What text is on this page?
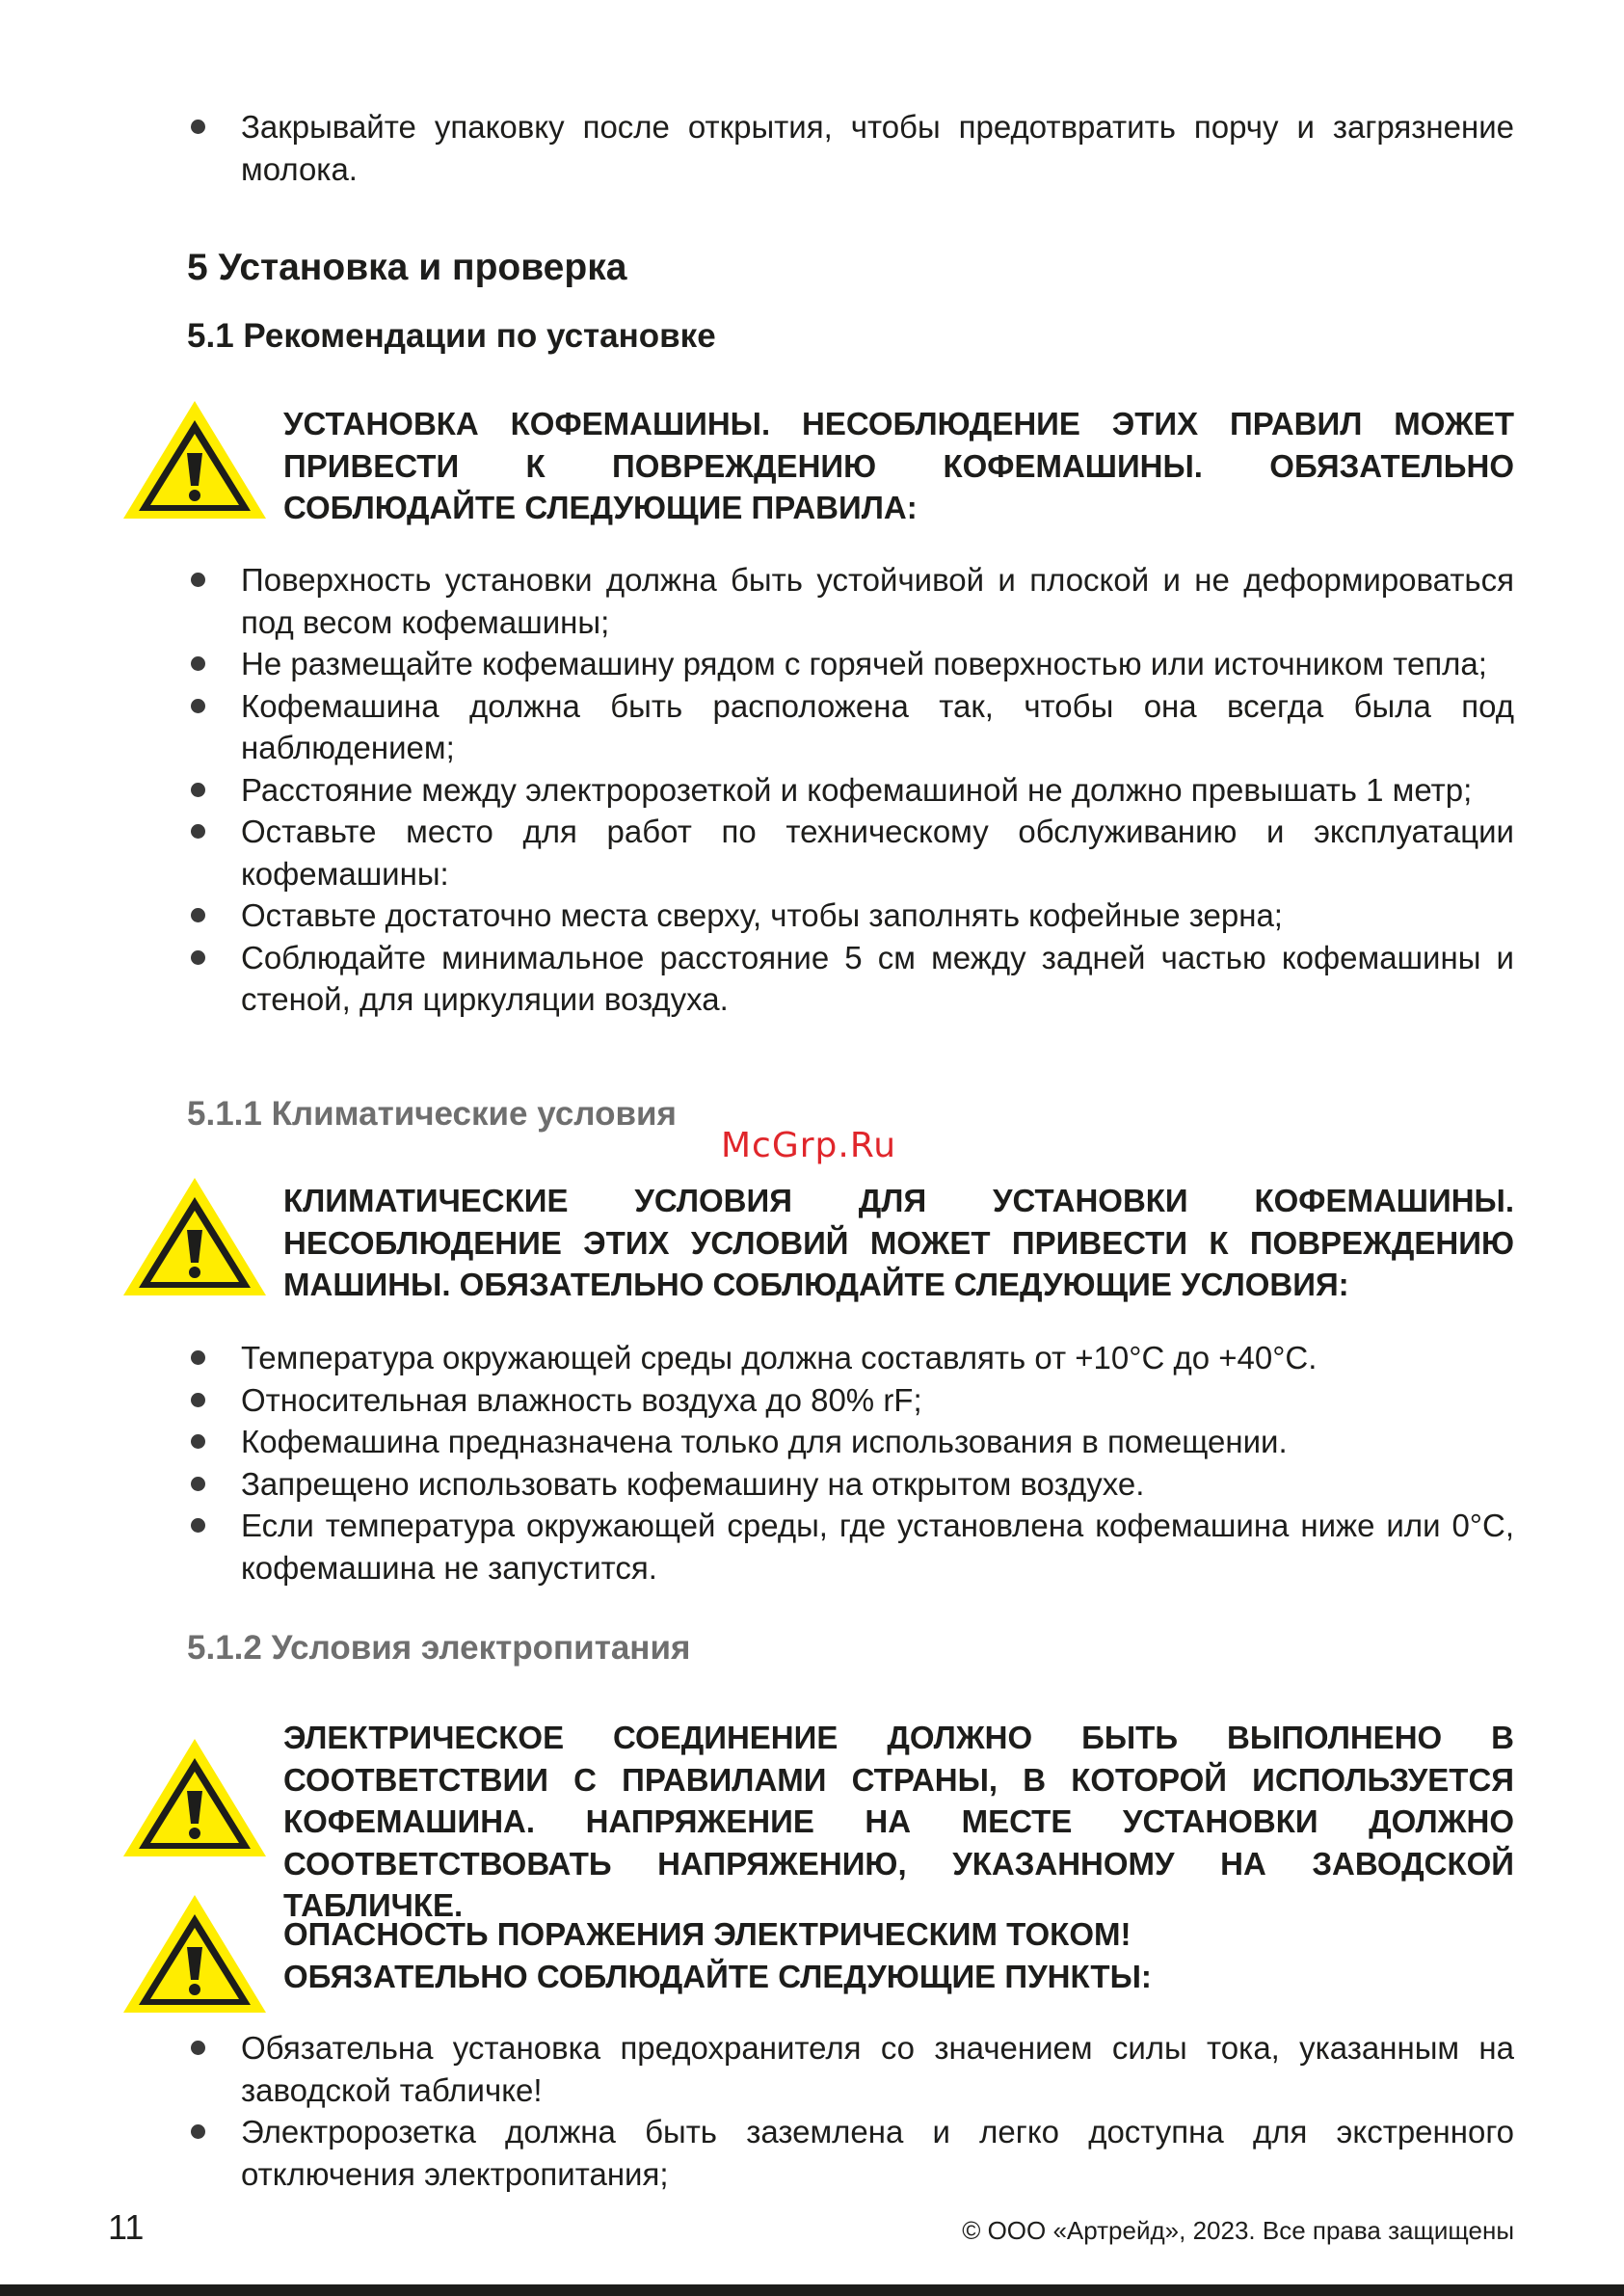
Закрывайте упаковку после открытия, чтобы предотвратить порчу и загрязнение молока.
5 Установка и проверка
5.1 Рекомендации по установке
УСТАНОВКА КОФЕМАШИНЫ. НЕСОБЛЮДЕНИЕ ЭТИХ ПРАВИЛ МОЖЕТ ПРИВЕСТИ К ПОВРЕЖДЕНИЮ КОФЕМАШИНЫ. ОБЯЗАТЕЛЬНО СОБЛЮДАЙТЕ СЛЕДУЮЩИЕ ПРАВИЛА:
Поверхность установки должна быть устойчивой и плоской и не деформироваться под весом кофемашины;
Не размещайте кофемашину рядом с горячей поверхностью или источником тепла;
Кофемашина должна быть расположена так, чтобы она всегда была под наблюдением;
Расстояние между электророзеткой и кофемашиной не должно превышать 1 метр;
Оставьте место для работ по техническому обслуживанию и эксплуатации кофемашины:
Оставьте достаточно места сверху, чтобы заполнять кофейные зерна;
Соблюдайте минимальное расстояние 5 см между задней частью кофемашины и стеной, для циркуляции воздуха.
5.1.1 Климатические условия
McGrp.Ru
КЛИМАТИЧЕСКИЕ УСЛОВИЯ ДЛЯ УСТАНОВКИ КОФЕМАШИНЫ. НЕСОБЛЮДЕНИЕ ЭТИХ УСЛОВИЙ МОЖЕТ ПРИВЕСТИ К ПОВРЕЖДЕНИЮ МАШИНЫ. ОБЯЗАТЕЛЬНО СОБЛЮДАЙТЕ СЛЕДУЮЩИЕ УСЛОВИЯ:
Температура окружающей среды должна составлять от +10°C до +40°C.
Относительная влажность воздуха до 80% rF;
Кофемашина предназначена только для использования в помещении.
Запрещено использовать кофемашину на открытом воздухе.
Если температура окружающей среды, где установлена кофемашина ниже или 0°C, кофемашина не запустится.
5.1.2 Условия электропитания
ЭЛЕКТРИЧЕСКОЕ СОЕДИНЕНИЕ ДОЛЖНО БЫТЬ ВЫПОЛНЕНО В СООТВЕТСТВИИ С ПРАВИЛАМИ СТРАНЫ, В КОТОРОЙ ИСПОЛЬЗУЕТСЯ КОФЕМАШИНА. НАПРЯЖЕНИЕ НА МЕСТЕ УСТАНОВКИ ДОЛЖНО СООТВЕТСТВОВАТЬ НАПРЯЖЕНИЮ, УКАЗАННОМУ НА ЗАВОДСКОЙ ТАБЛИЧКЕ.
ОПАСНОСТЬ ПОРАЖЕНИЯ ЭЛЕКТРИЧЕСКИМ ТОКОМ!
ОБЯЗАТЕЛЬНО СОБЛЮДАЙТЕ СЛЕДУЮЩИЕ ПУНКТЫ:
Обязательна установка предохранителя со значением силы тока, указанным на заводской табличке!
Электророзетка должна быть заземлена и легко доступна для экстренного отключения электропитания;
11	© ООО «Артрейд», 2023. Все права защищены
